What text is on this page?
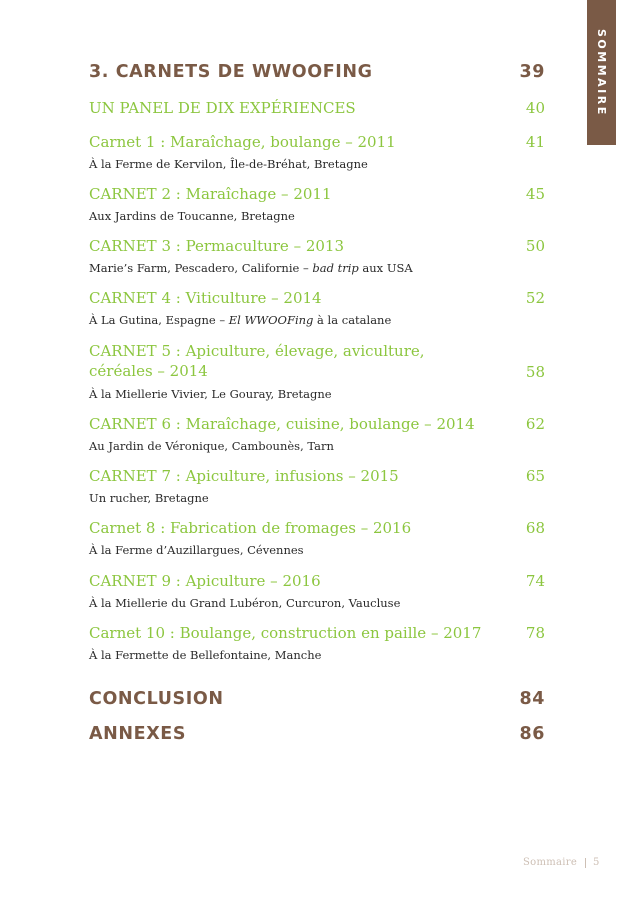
SOMMAIRE
3. CARNETS DE WWOOFING	39
UN PANEL DE DIX EXPÉRIENCES	40
Carnet 1 : Maraîchage, boulange – 2011	41
À la Ferme de Kervilon, Île-de-Bréhat, Bretagne
CARNET 2 : Maraîchage – 2011	45
Aux Jardins de Toucanne, Bretagne
CARNET 3 : Permaculture – 2013	50
Marie’s Farm, Pescadero, Californie – bad trip aux USA
CARNET 4 : Viticulture – 2014	52
À La Gutina, Espagne – El WWOOFing à la catalane
CARNET 5 : Apiculture, élevage, aviculture, céréales – 2014	58
À la Miellerie Vivier, Le Gouray, Bretagne
CARNET 6 : Maraîchage, cuisine, boulange – 2014	62
Au Jardin de Véronique, Cambounès, Tarn
CARNET 7 : Apiculture, infusions – 2015	65
Un rucher, Bretagne
Carnet 8 : Fabrication de fromages – 2016	68
À la Ferme d’Auzillargues, Cévennes
CARNET 9 : Apiculture – 2016	74
À la Miellerie du Grand Lubéron, Curcuron, Vaucluse
Carnet 10 : Boulange, construction en paille – 2017	78
À la Fermette de Bellefontaine, Manche
CONCLUSION	84
ANNEXES	86
Sommaire 5
